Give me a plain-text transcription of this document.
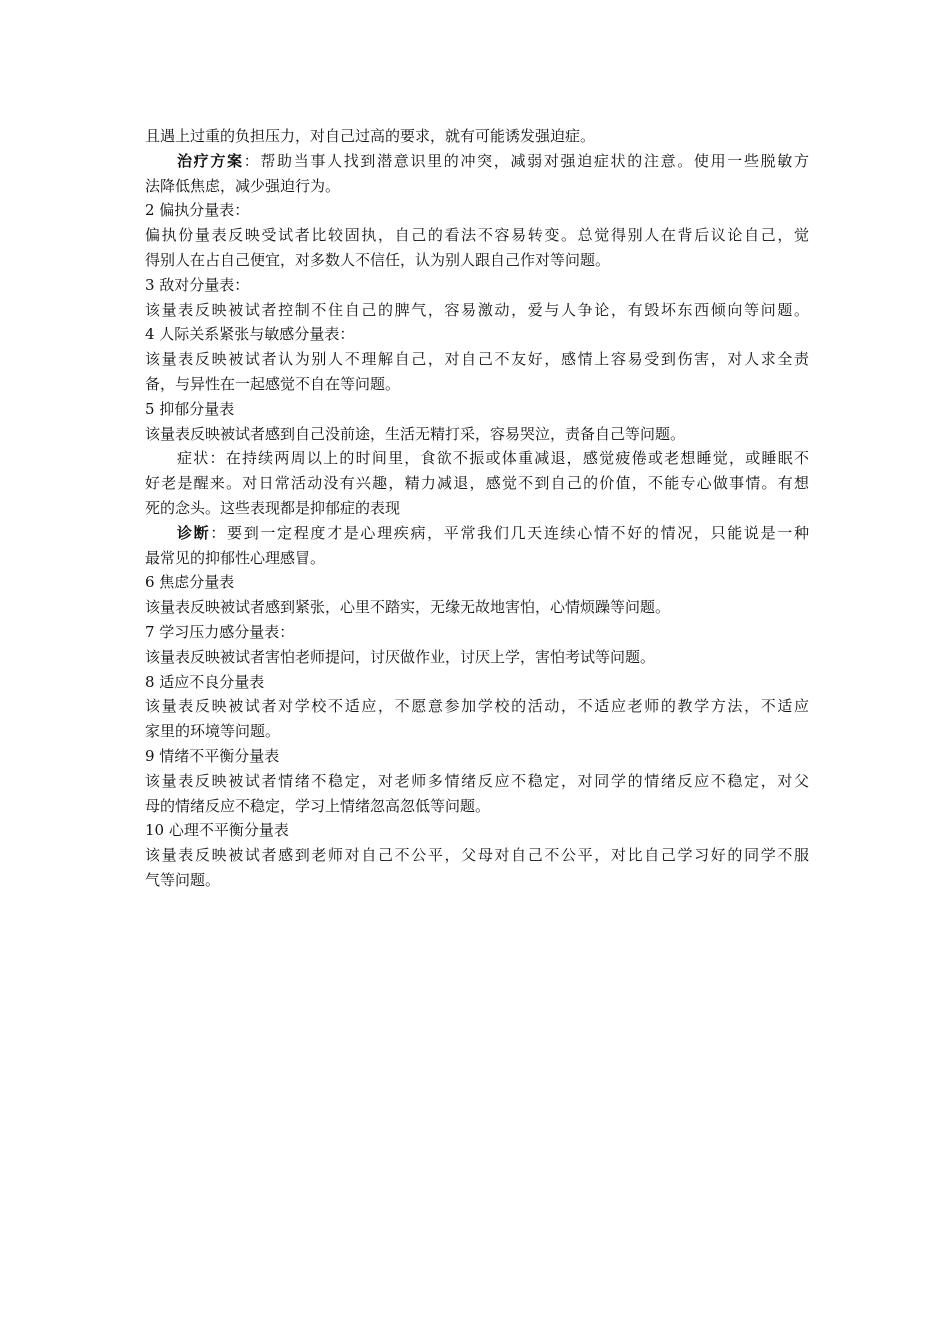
且遇上过重的负担压力，对自己过高的要求，就有可能诱发强迫症。
治疗方案：帮助当事人找到潜意识里的冲突，减弱对强迫症状的注意。使用一些脱敏方
法降低焦虑，减少强迫行为。
2 偏执分量表：
偏执份量表反映受试者比较固执，自己的看法不容易转变。总觉得别人在背后议论自己，觉
得别人在占自己便宜，对多数人不信任，认为别人跟自己作对等问题。
3 敌对分量表：
该量表反映被试者控制不住自己的脾气，容易激动，爱与人争论，有毁坏东西倾向等问题。
4 人际关系紧张与敏感分量表：
该量表反映被试者认为别人不理解自己，对自己不友好，感情上容易受到伤害，对人求全责
备，与异性在一起感觉不自在等问题。
5 抑郁分量表
该量表反映被试者感到自己没前途，生活无精打采，容易哭泣，责备自己等问题。
症状：在持续两周以上的时间里，食欲不振或体重减退，感觉疲倦或老想睡觉，或睡眠不
好老是醒来。对日常活动没有兴趣，精力减退，感觉不到自己的价值，不能专心做事情。有想
死的念头。这些表现都是抑郁症的表现
诊断：要到一定程度才是心理疾病，平常我们几天连续心情不好的情况，只能说是一种
最常见的抑郁性心理感冒。
6 焦虑分量表
该量表反映被试者感到紧张，心里不踏实，无缘无故地害怕，心情烦躁等问题。
7 学习压力感分量表：
该量表反映被试者害怕老师提问，讨厌做作业，讨厌上学，害怕考试等问题。
8 适应不良分量表
该量表反映被试者对学校不适应，不愿意参加学校的活动，不适应老师的教学方法，不适应
家里的环境等问题。
9 情绪不平衡分量表
该量表反映被试者情绪不稳定，对老师多情绪反应不稳定，对同学的情绪反应不稳定，对父
母的情绪反应不稳定，学习上情绪忽高忽低等问题。
10 心理不平衡分量表
该量表反映被试者感到老师对自己不公平，父母对自己不公平，对比自己学习好的同学不服
气等问题。
